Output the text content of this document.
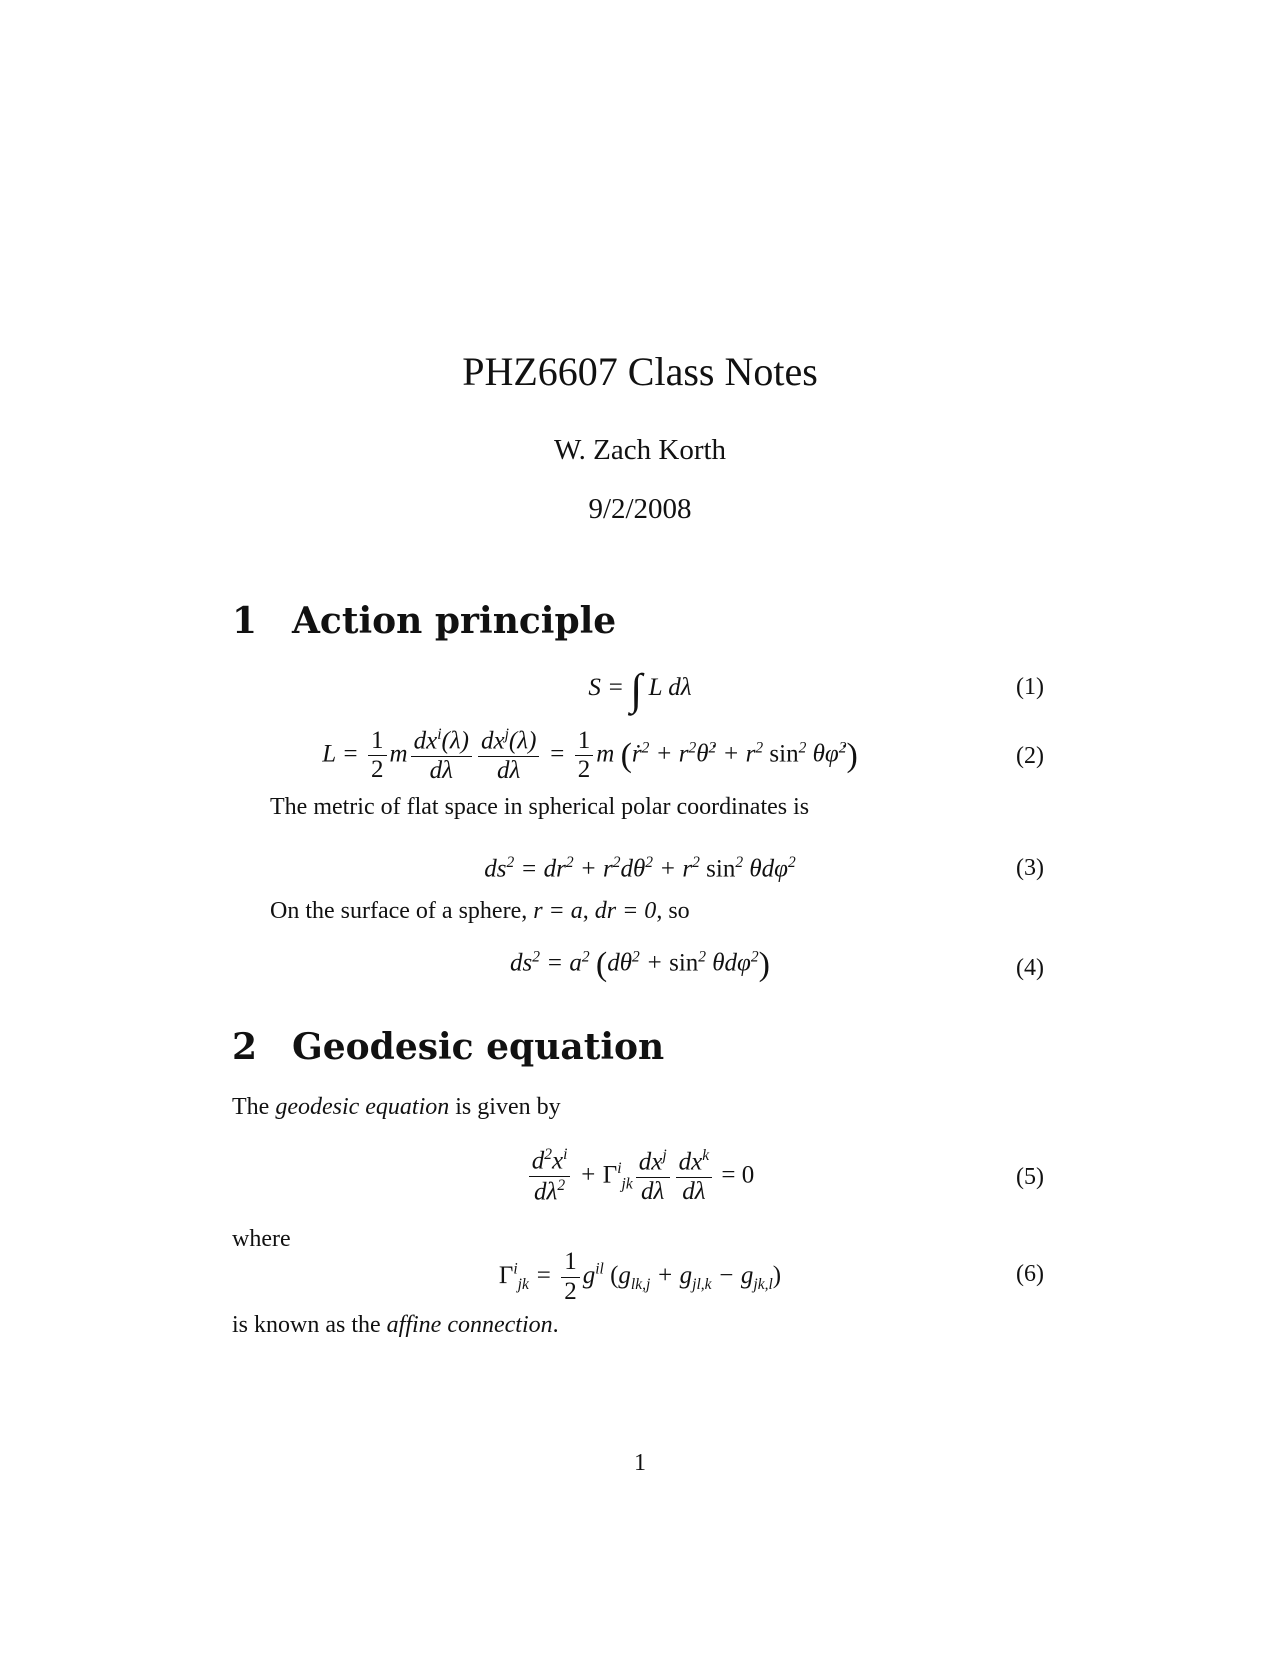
PHZ6607 Class Notes
W. Zach Korth
9/2/2008
1 Action principle
S = ∫ L dλ	(1)
$L = \frac{1}{2}$ m $\frac{dx^i(\lambda)}{d\lambda} \frac{dx^j(\lambda)}{d\lambda} = \frac{1}{2}$ m (ṙ$^2$ + $r^2\thetȧ^2 + r^2$ $\sin^2$ θφ̇$^2$)	(2)
The metric of flat space in spherical polar coordinates is
$ds^2 = dr^2 + r^2d\theta^2 + r^2$ $\sin^2 \theta d\varphi^2$	(3)
On the surface of a sphere, r = a, dr = 0, so
$ds^2 = a^2$ $(d\theta^2 + \sin^2 \theta d\varphi^2)$	(4)
2 Geodesic equation
The geodesic equation is given by
$\frac{d^2x^i}{d\lambda^2} + \Gamma^i_{jk} \frac{dx^j}{d\lambda} \frac{dx^k}{d\lambda} = 0$	(5)
where
$\Gamma^i_{jk} = \frac{1}{2} g^{il}$ $(g_{lk,j} + g_{jl,k} - g_{jk,l})$	(6)
is known as the affine connection.
1
